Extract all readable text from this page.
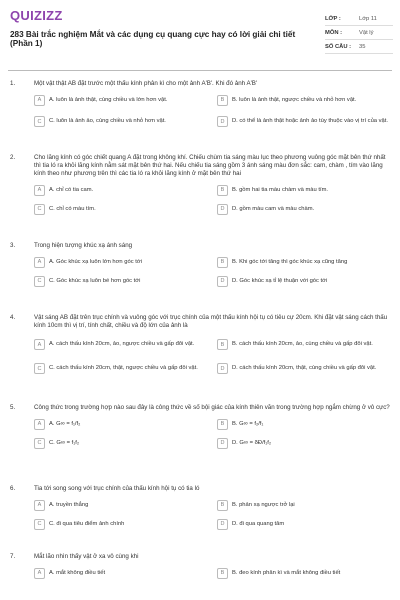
QUIZIZZ
283 Bài trắc nghiệm Mắt và các dụng cụ quang cực hay có lời giải chi tiết (Phần 1)
LỚP :	Lớp 11
MÔN :	Vật lý
SỐ CÂU :	35
1.	Một vật thật AB đặt trước một thấu kính phân kì cho một ảnh A'B'. Khi đó ảnh A'B'
A	A. luôn là ảnh thật, cùng chiều và lớn hơn vật.	B	B. luôn là ảnh thật, ngược chiều và nhỏ hơn vật.
C	C. luôn là ảnh ảo, cùng chiều và nhỏ hơn vật.	D	D. có thể là ảnh thật hoặc ảnh ảo tùy thuộc vào vị trí của vật.
2.	Cho lăng kính có góc chiết quang A đặt trong không khí. Chiếu chùm tia sáng màu lục theo phương vuông góc mặt bên thứ nhất thì tia ló ra khỏi lăng kính nằm sát mặt bên thứ hai. Nếu chiếu tia sáng gồm 3 ánh sáng màu đơn sắc: cam, chàm , tím vào lăng kính theo như phương trên thì các tia ló ra khỏi lăng kính ở mặt bên thứ hai
A	A. chỉ có tia cam.	B	B. gồm hai tia màu chàm và màu tím.
C	C. chỉ có màu tím.	D	D. gồm màu cam và màu chàm.
3.	Trong hiện tượng khúc xạ ánh sáng
A	A. Góc khúc xạ luôn lớn hơn góc tới	B	B. Khi góc tới tăng thì góc khúc xạ cũng tăng
C	C. Góc khúc xạ luôn bé hơn góc tới	D	D. Góc khúc xạ tỉ lệ thuận với góc tới
4.	Vật sáng AB đặt trên trục chính và vuông góc với trục chính của một thấu kính hội tụ có tiêu cự 20cm. Khi đặt vật sáng cách thấu kính 10cm thì vị trí, tính chất, chiều và độ lớn của ảnh là
A	A. cách thấu kính 20cm, ảo, ngược chiều và gấp đôi vật.	B	B. cách thấu kính 20cm, ảo, cùng chiều và gấp đôi vật.
C	C. cách thấu kính 20cm, thật, ngược chiều và gấp đôi vật.	D	D. cách thấu kính 20cm, thật, cùng chiều và gấp đôi vật.
5.	Công thức trong trường hợp nào sau đây là công thức về số bội giác của kính thiên văn trong trường hợp ngắm chừng ở vô cực?
A	A. G∞ = f₁/f₂	B	B. G∞ = f₂/f₁
C	C. G∞ = f₁f₂	D	D. G∞ = δĐ/f₁f₂
6.	Tia tới song song với trục chính của thấu kính hội tụ có tia ló
A	A. truyền thẳng	B	B. phản xạ ngược trở lại
C	C. đi qua tiêu điểm ảnh chính	D	D. đi qua quang tâm
7.	Mắt lão nhìn thấy vật ở xa vô cùng khi
A	A. mắt không điều tiết	B	B. đeo kính phân kì và mắt không điều tiết
